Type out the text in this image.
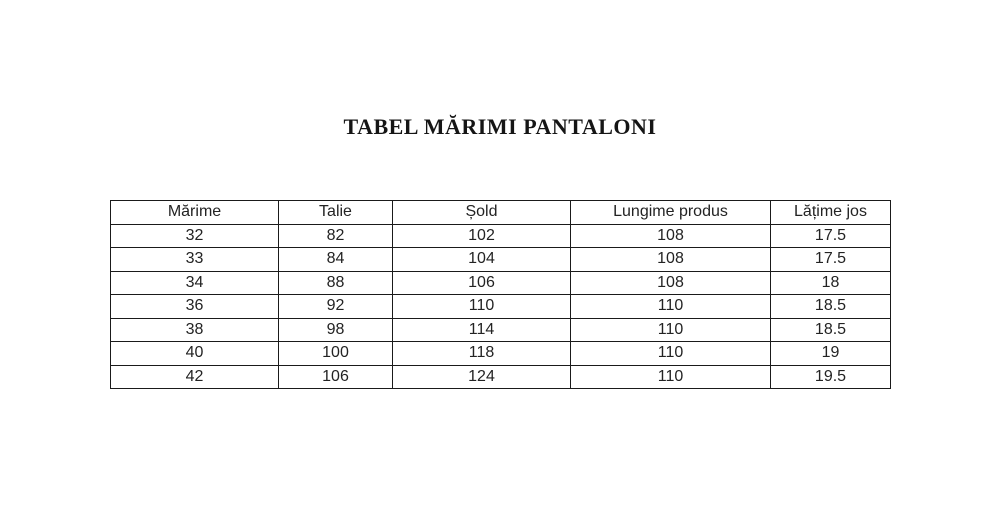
TABEL MĂRIMI PANTALONI
Mărime	Talie	Șold	Lungime produs	Lățime jos
32	82	102	108	17.5
33	84	104	108	17.5
34	88	106	108	18
36	92	110	110	18.5
38	98	114	110	18.5
40	100	118	110	19
42	106	124	110	19.5
